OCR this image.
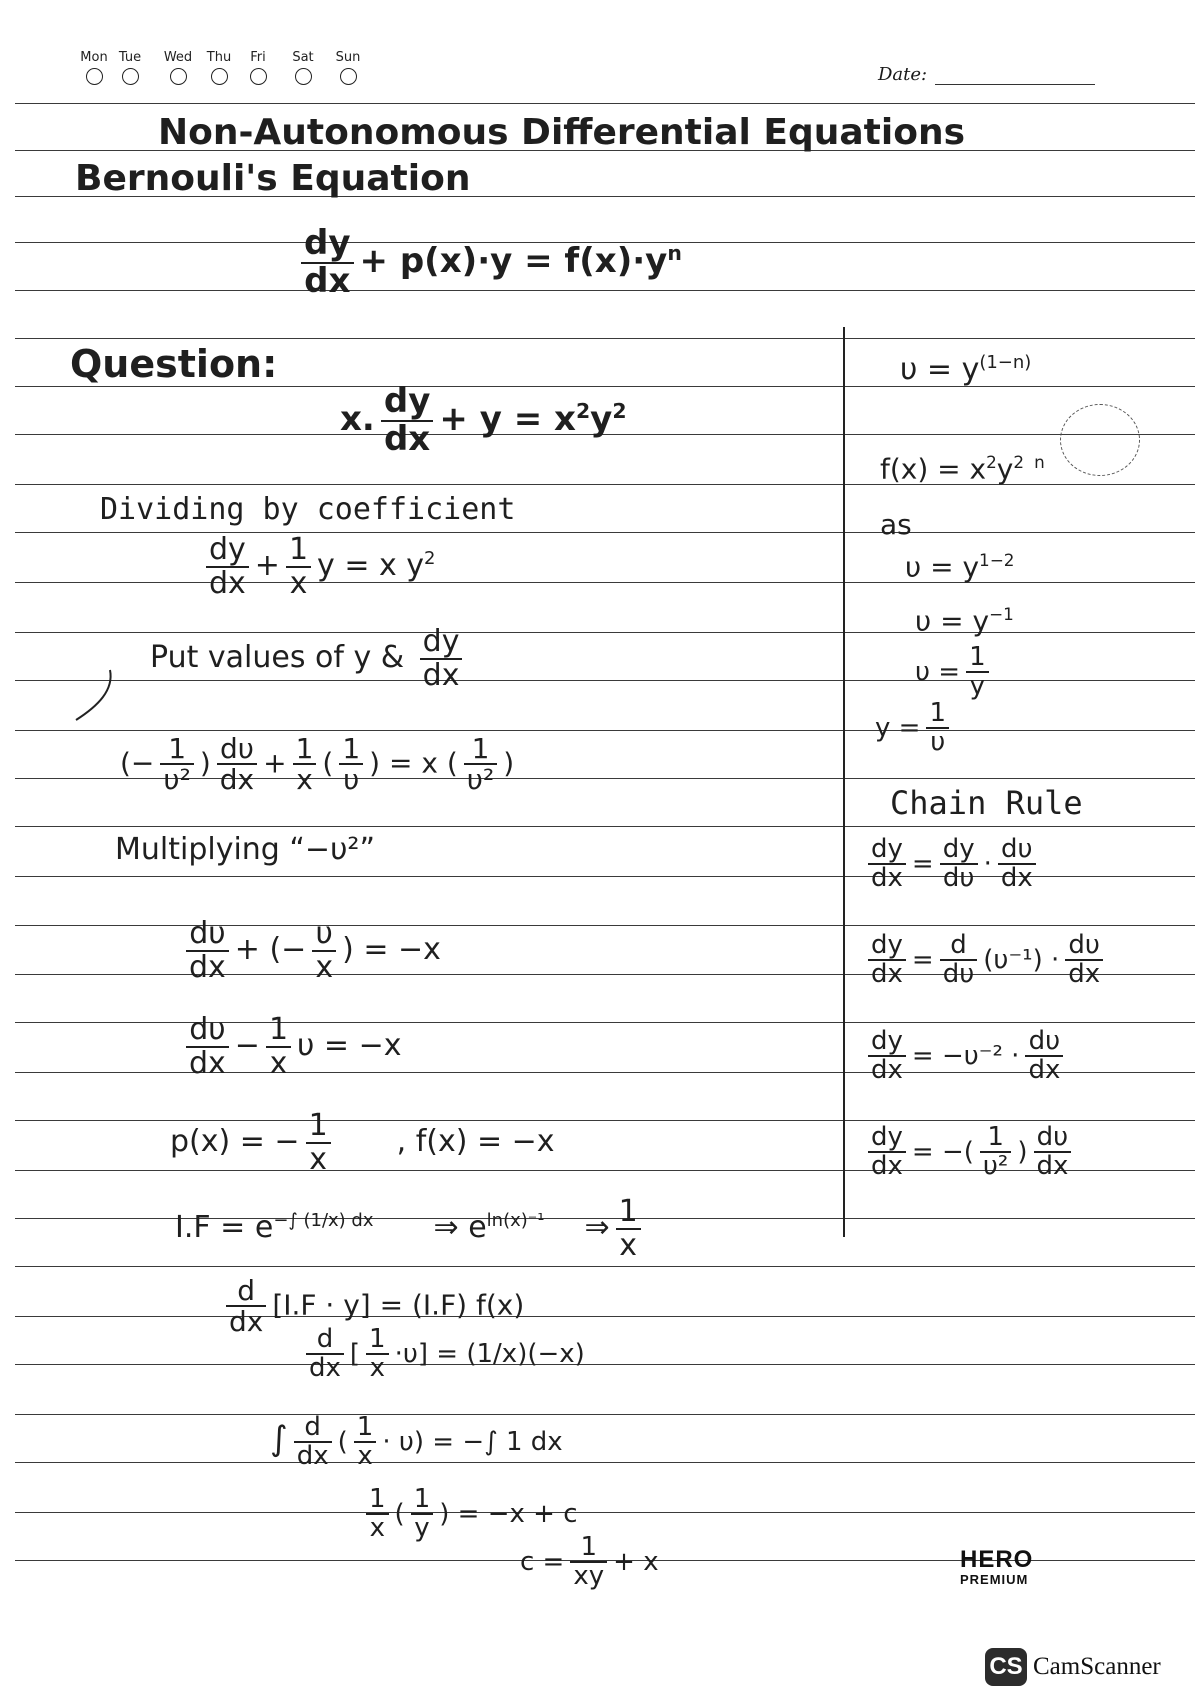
Mon Tue	Wed	Thu	Fri	Sat	Sun
Date:
Non-Autonomous Differential Equations
Bernouli's Equation
$\frac{dy}{dx} + p(x)\cdot y = f(x)\cdot y^n$
Question:
x. $\frac{dy}{dx} + y = x^2y^2$
Dividing by coefficient
$\frac{dy}{dx} + \frac{1}{x}$ y = x $y^2$
Put values of y & $\frac{dy}{dx}$
(− $\frac{1}{\text{υ²}}$ ) $\frac{d\upsilon}{dx} + \frac{1}{x}$ ( $\frac{1}{\upsilon}$ ) = x ( $\frac{1}{\text{υ²}}$ )
Multiplying “−υ²”
$\frac{d\upsilon}{dx}$ + (− $\frac{\upsilon}{x}$ ) = −x
$\frac{d\upsilon}{dx} - \frac{1}{x}$ υ = −x
p(x) = − $\frac{1}{x}$ , f(x) = −x
$I.F = e^{-\int (1/x) dx}$ ⇒ $e^{ln(x)^{-1}}$ ⇒ $\frac{1}{x}$
$\frac{d}{dx} [I.F \cdot y] = (I.F)$ f(x)
$\frac{d}{dx}$ [ $\frac{1}{x} \cdot\upsilon] = (1/x)(-x)$
∫ $\frac{d}{dx}$ ( $\frac{1}{x} \cdot \upsilon$) = −∫ 1 dx
$\frac{1}{x}$ ( $\frac{1}{y}$ ) = −x + c
$c = \frac{1}{xy} + x$
$\upsilon = y^{(1-n)}$
$f(x) = x^2y^2$ $^n$
as
$\upsilon = y^{1-2}$
$\upsilon = y^{-1}$
$\upsilon = \frac{1}{y}$
$y = \frac{1}{\upsilon}$
Chain Rule
$\frac{dy}{dx} = \frac{dy}{d\upsilon} \cdot \frac{d\upsilon}{dx}$
$\frac{dy}{dx} = \frac{d}{d\upsilon} (\upsilon^{-1}) \cdot \frac{d\upsilon}{dx}$
$\frac{dy}{dx} = -\upsilon^{-2} \cdot \frac{d\upsilon}{dx}$
$\frac{dy}{dx}$ = −( $\frac{1}{\text{υ²}}$ ) $\frac{d\upsilon}{dx}$
HERO
PREMIUM
CS CamScanner
